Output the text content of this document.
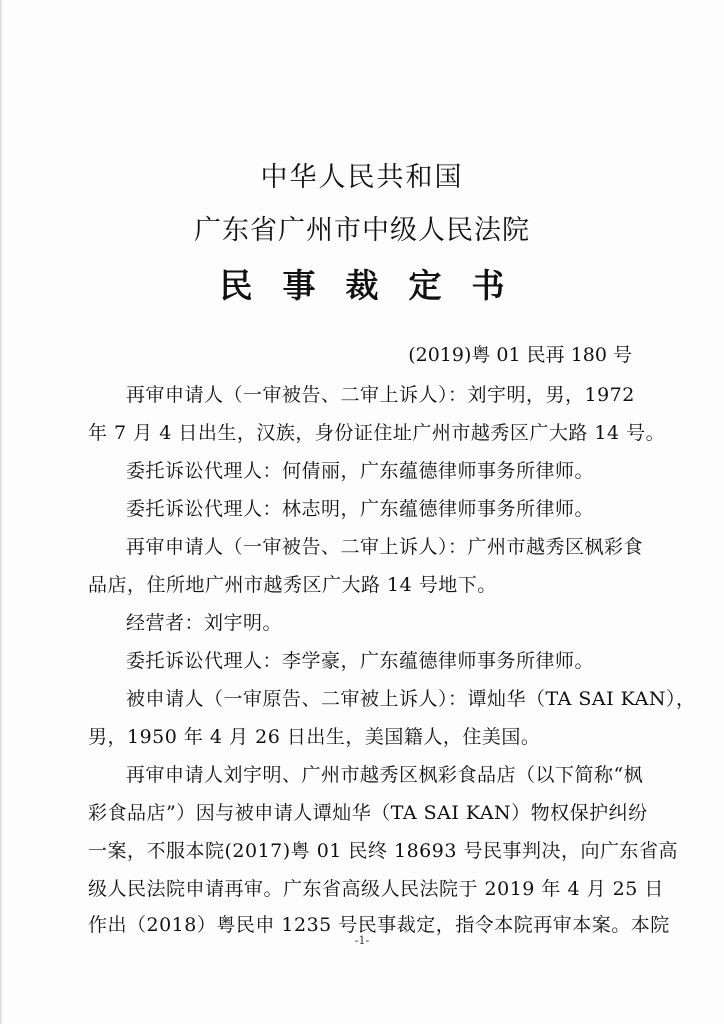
中华人民共和国
广东省广州市中级人民法院
民事裁定书
(2019)粤 01 民再 180 号
再审申请人（一审被告、二审上诉人）：刘宇明，男，1972
年 7 月 4 日出生，汉族，身份证住址广州市越秀区广大路 14 号。
委托诉讼代理人：何倩丽，广东蕴德律师事务所律师。
委托诉讼代理人：林志明，广东蕴德律师事务所律师。
再审申请人（一审被告、二审上诉人）：广州市越秀区枫彩食
品店，住所地广州市越秀区广大路 14 号地下。
经营者：刘宇明。
委托诉讼代理人：李学豪，广东蕴德律师事务所律师。
被申请人（一审原告、二审被上诉人）：谭灿华（TA SAI KAN），
男，1950 年 4 月 26 日出生，美国籍人，住美国。
再审申请人刘宇明、广州市越秀区枫彩食品店（以下简称“枫
彩食品店”）因与被申请人谭灿华（TA SAI KAN）物权保护纠纷
一案，不服本院(2017)粤 01 民终 18693 号民事判决，向广东省高
级人民法院申请再审。广东省高级人民法院于 2019 年 4 月 25 日
作出（2018）粤民申 1235 号民事裁定，指令本院再审本案。本院
-1-
